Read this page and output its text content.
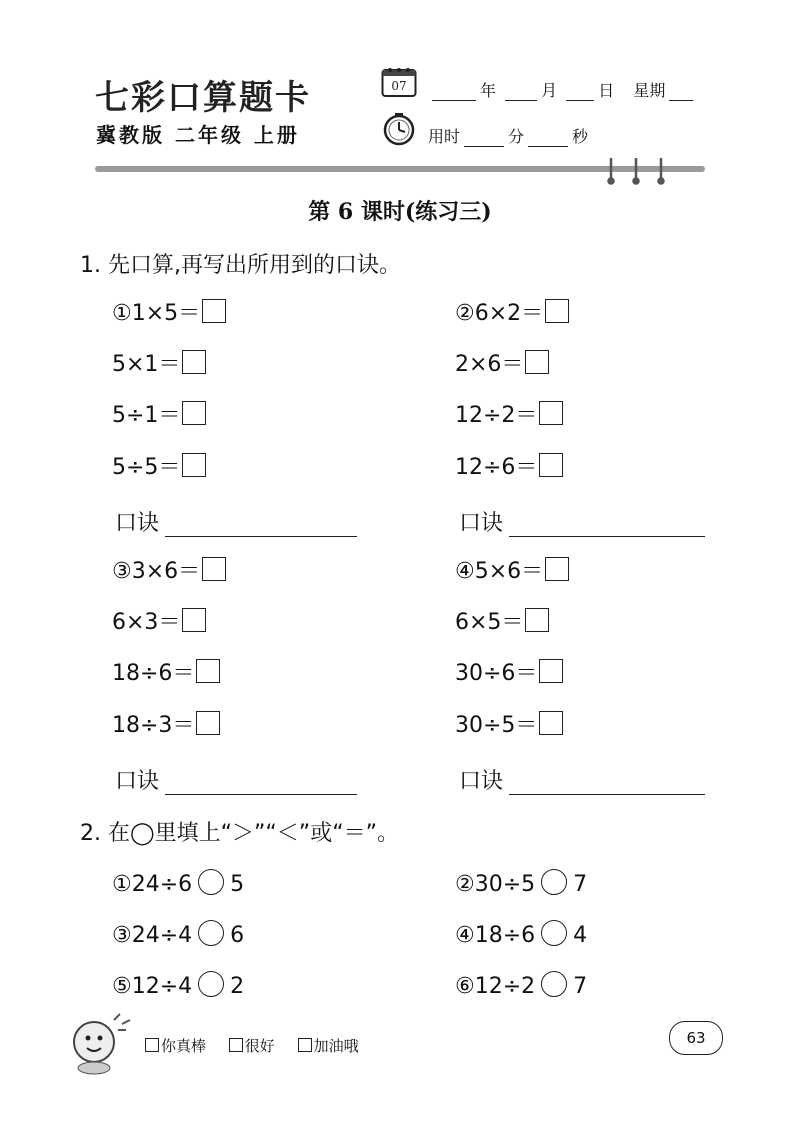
七彩口算题卡
冀教版 二年级 上册
07	年	月	日 星期
用时	分	秒
第 6 课时(练习三)
1. 先口算,再写出所用到的口诀。
①1×5＝
5×1＝
5÷1＝
5÷5＝
口诀
②6×2＝
2×6＝
12÷2＝
12÷6＝
口诀
③3×6＝
6×3＝
18÷6＝
18÷3＝
口诀
④5×6＝
6×5＝
30÷6＝
30÷5＝
口诀
2. 在◯里填上“＞”“＜”或“＝”。
①24÷6 5	②30÷5 7
③24÷4 6	④18÷6 4
⑤12÷4 2	⑥12÷2 7
你真棒	很好	加油哦	63
